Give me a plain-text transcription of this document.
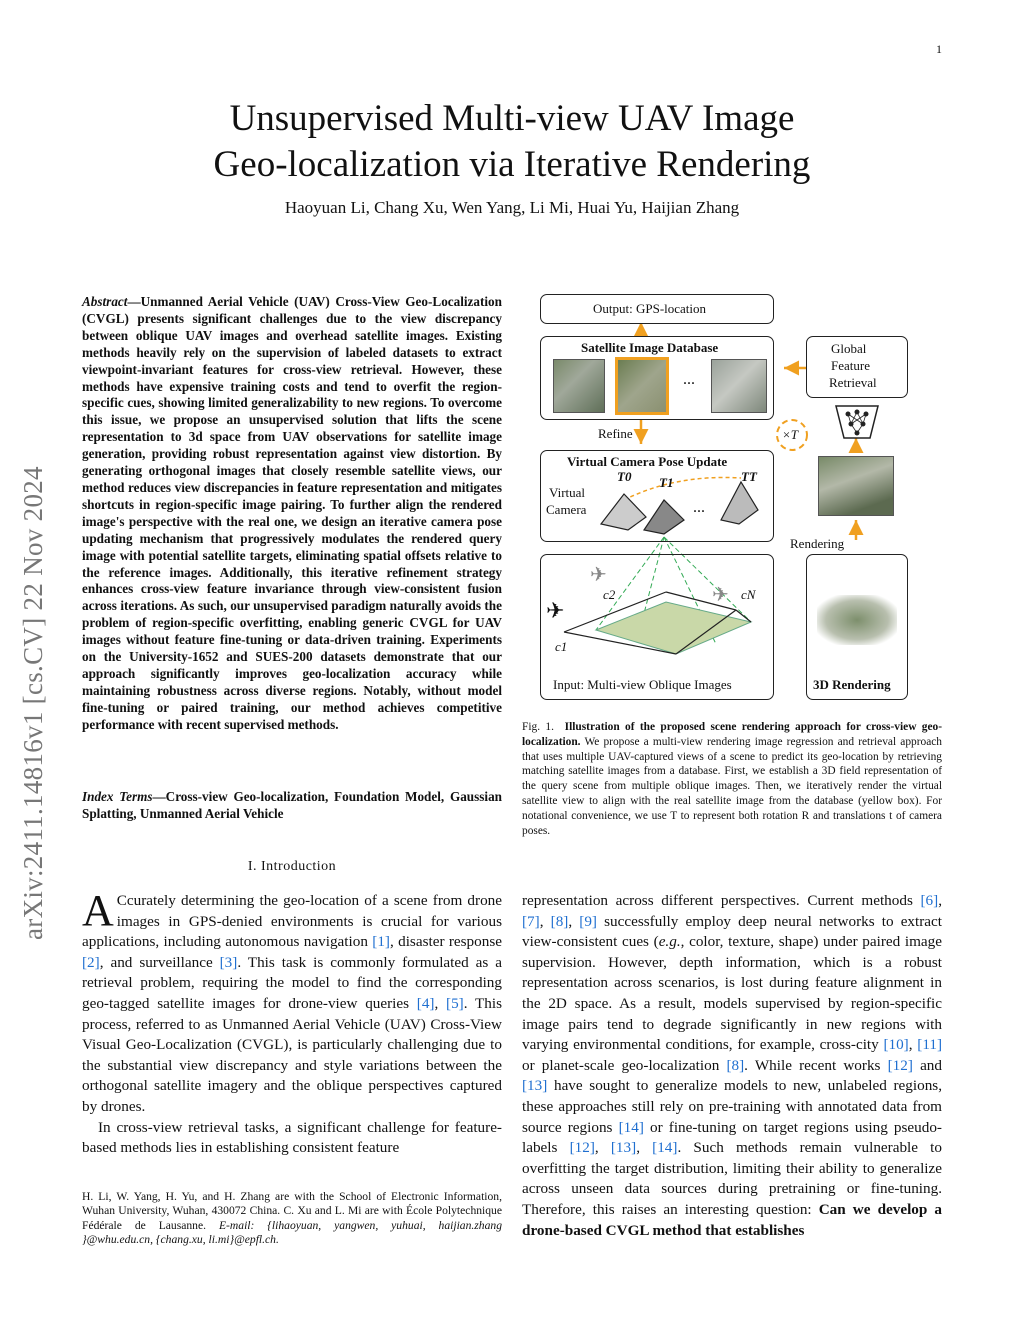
1
arXiv:2411.14816v1 [cs.CV] 22 Nov 2024
Unsupervised Multi-view UAV Image
Geo-localization via Iterative Rendering
Haoyuan Li, Chang Xu, Wen Yang, Li Mi, Huai Yu, Haijian Zhang
Abstract—Unmanned Aerial Vehicle (UAV) Cross-View Geo-Localization (CVGL) presents significant challenges due to the view discrepancy between oblique UAV images and overhead satellite images. Existing methods heavily rely on the supervision of labeled datasets to extract viewpoint-invariant features for cross-view retrieval. However, these methods have expensive training costs and tend to overfit the region-specific cues, showing limited generalizability to new regions. To overcome this issue, we propose an unsupervised solution that lifts the scene representation to 3d space from UAV observations for satellite image generation, providing robust representation against view distortion. By generating orthogonal images that closely resemble satellite views, our method reduces view discrepancies in feature representation and mitigates shortcuts in region-specific image pairing. To further align the rendered image's perspective with the real one, we design an iterative camera pose updating mechanism that progressively modulates the rendered query image with potential satellite targets, eliminating spatial offsets relative to the reference images. Additionally, this iterative refinement strategy enhances cross-view feature invariance through view-consistent fusion across iterations. As such, our unsupervised paradigm naturally avoids the problem of region-specific overfitting, enabling generic CVGL for UAV images without feature fine-tuning or data-driven training. Experiments on the University-1652 and SUES-200 datasets demonstrate that our approach significantly improves geo-localization accuracy while maintaining robustness across diverse regions. Notably, without model fine-tuning or paired training, our method achieves competitive performance with recent supervised methods.
Index Terms—Cross-view Geo-localization, Foundation Model, Gaussian Splatting, Unmanned Aerial Vehicle
I. Introduction

A Ccurately determining the geo-location of a scene from drone images in GPS-denied environments is crucial for various applications, including autonomous navigation [1], disaster response [2], and surveillance [3]. This task is commonly formulated as a retrieval problem, requiring the model to find the corresponding geo-tagged satellite images for drone-view queries [4], [5]. This process, referred to as Unmanned Aerial Vehicle (UAV) Cross-View Visual Geo-Localization (CVGL), is particularly challenging due to the substantial view discrepancy and style variations between the orthogonal satellite imagery and the oblique perspectives captured by drones.

In cross-view retrieval tasks, a significant challenge for feature-based methods lies in establishing consistent feature

H. Li, W. Yang, H. Yu, and H. Zhang are with the School of Electronic Information, Wuhan University, Wuhan, 430072 China. C. Xu and L. Mi are with École Polytechnique Fédérale de Lausanne. E-mail: {lihaoyuan, yangwen, yuhuai, haijian.zhang }@whu.edu.cn, {chang.xu, li.mi}@epfl.ch.
representation across different perspectives. Current methods [6], [7], [8], [9] successfully employ deep neural networks to extract view-consistent cues (e.g., color, texture, shape) under paired image supervision. However, depth information, which is a robust representation across scenarios, is lost during feature alignment in the 2D space. As a result, models supervised by region-specific image pairs tend to degrade significantly in new regions with varying environmental conditions, for example, cross-city [10], [11] or planet-scale geo-localization [8]. While recent works [12] and [13] have sought to generalize models to new, unlabeled regions, these approaches still rely on pre-training with annotated data from source regions [14] or fine-tuning on target regions using pseudo-labels [12], [13], [14]. Such methods remain vulnerable to overfitting the target distribution, limiting their ability to generalize across unseen data sources during pretraining or fine-tuning. Therefore, this raises an interesting question: Can we develop a drone-based CVGL method that establishes
Output: GPS-location
Satellite Image Database
...
Refine
Global
Feature
Retrieval
×T
Rendering
Virtual Camera Pose Update
Virtual
Camera
T0 T1	TT
...
Input: Multi-view Oblique Images
c1
c2	cN
✈
✈
✈
3D Rendering
Fig. 1. Illustration of the proposed scene rendering approach for cross-view geo-localization. We propose a multi-view rendering image regression and retrieval approach that uses multiple UAV-captured views of a scene to predict its geo-location by retrieving matching satellite images from a database. First, we establish a 3D field representation of the query scene from multiple oblique images. Then, we iteratively render the virtual satellite view to align with the real satellite image from the database (yellow box). For notational convenience, we use T to represent both rotation R and translations t of camera poses.
